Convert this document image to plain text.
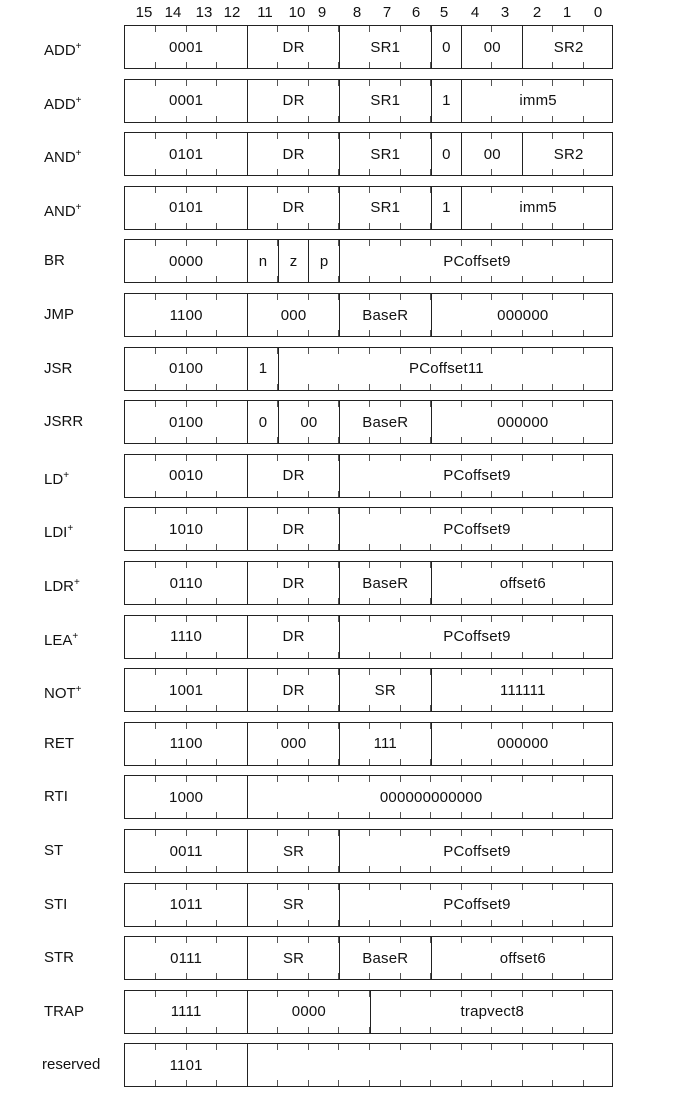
15 14 13 12	11	10 9	8	7	6	5	4	3	2	1	0
ADD+	0001	DR	SR1	0	00	SR2
ADD+	0001	DR	SR1	1	imm5
AND+	0101	DR	SR1	0	00	SR2
AND+	0101	DR	SR1	1	imm5
BR	0000	n	z	p	PCoffset9
JMP	1100	000	BaseR	000000
JSR	0100	1	PCoffset11
JSRR	0100	0	00	BaseR	000000
LD+	0010	DR	PCoffset9
LDI+	1010	DR	PCoffset9
LDR+	0110	DR	BaseR	offset6
LEA+	1110	DR	PCoffset9
NOT+	1001	DR	SR	111111
RET	1100	000	111	000000
RTI	1000	000000000000
ST	0011	SR	PCoffset9
STI	1011	SR	PCoffset9
STR	0111	SR	BaseR	offset6
TRAP	1111	0000	trapvect8
reserved	1101
